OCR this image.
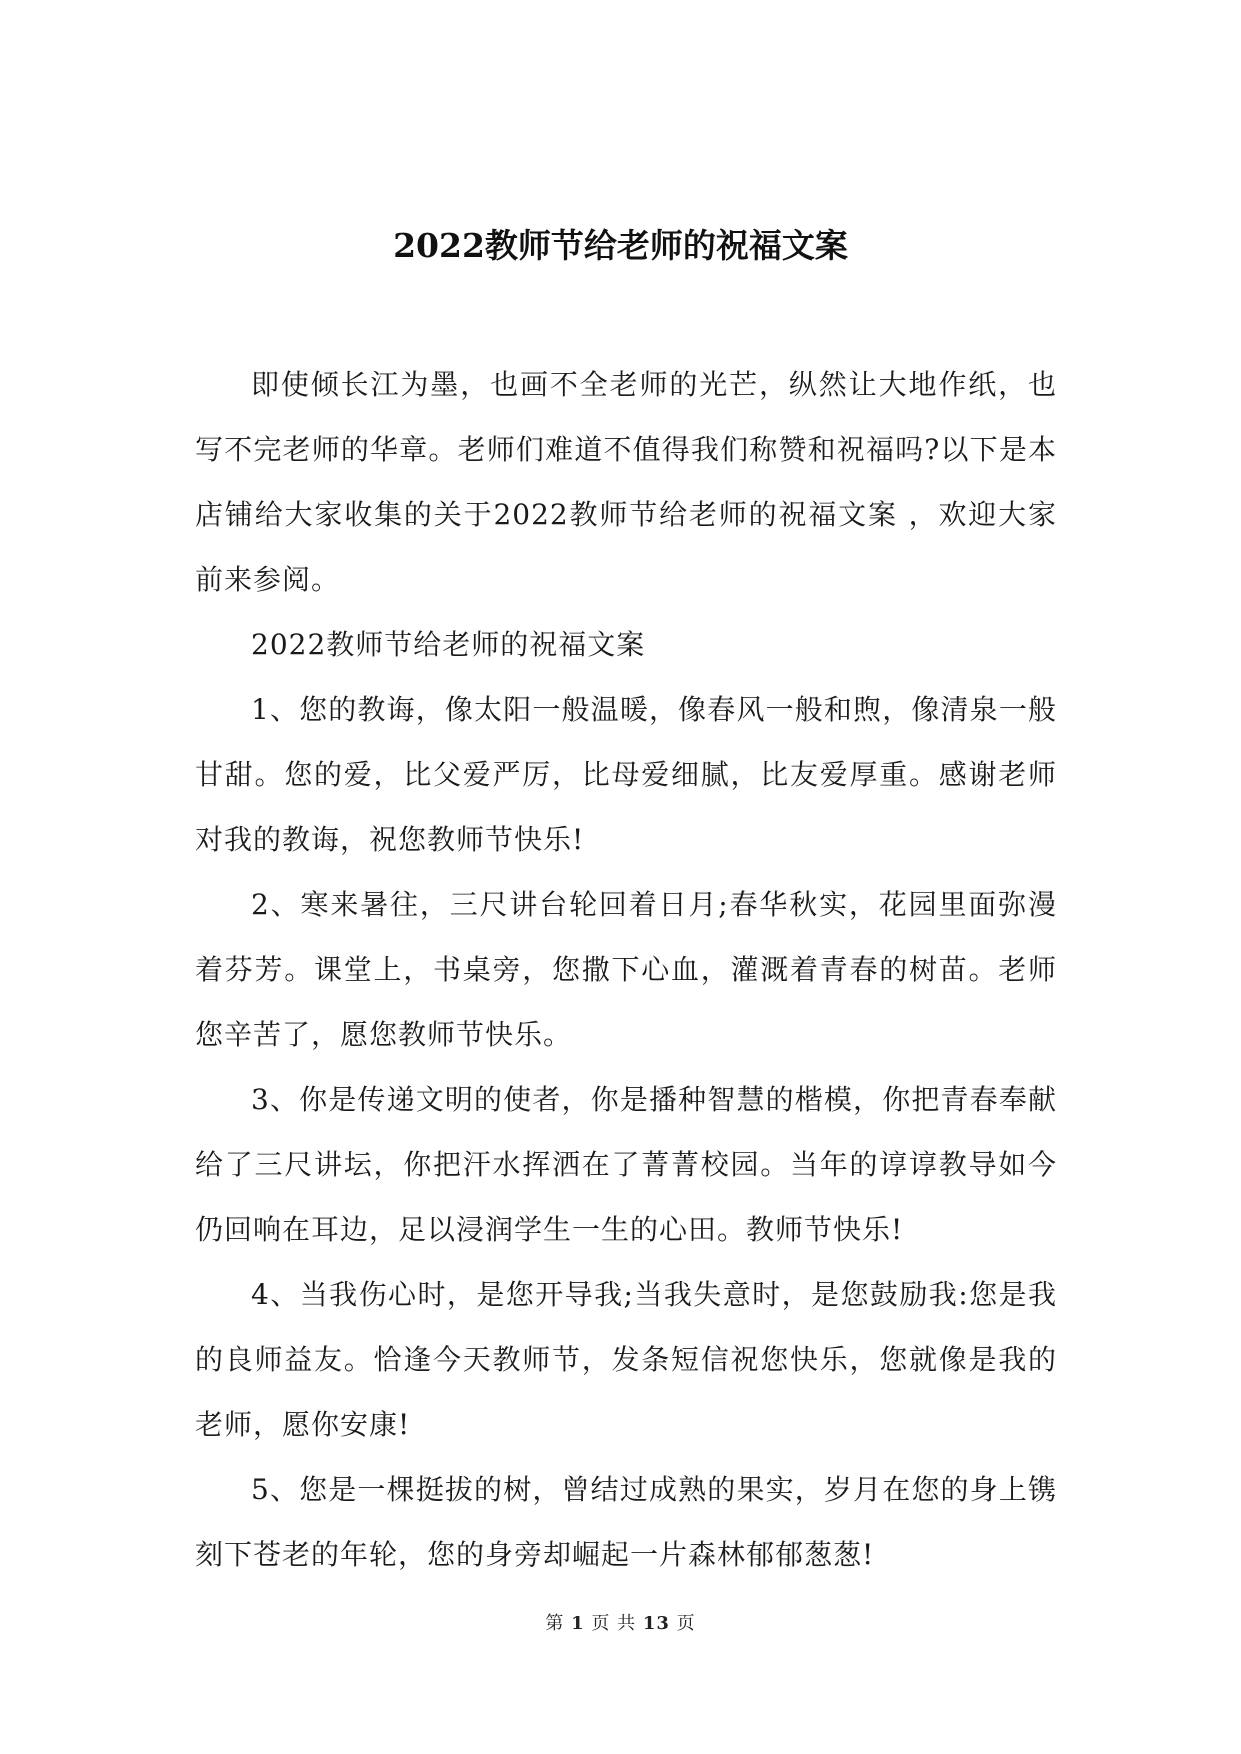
2022教师节给老师的祝福文案

即使倾长江为墨，也画不全老师的光芒，纵然让大地作纸，也写不完老师的华章。老师们难道不值得我们称赞和祝福吗?以下是本店铺给大家收集的关于2022教师节给老师的祝福文案 ，欢迎大家前来参阅。

2022教师节给老师的祝福文案

1、您的教诲，像太阳一般温暖，像春风一般和煦，像清泉一般甘甜。您的爱，比父爱严厉，比母爱细腻，比友爱厚重。感谢老师对我的教诲，祝您教师节快乐!

2、寒来暑往，三尺讲台轮回着日月;春华秋实，花园里面弥漫着芬芳。课堂上，书桌旁，您撒下心血，灌溉着青春的树苗。老师您辛苦了，愿您教师节快乐。

3、你是传递文明的使者，你是播种智慧的楷模，你把青春奉献给了三尺讲坛，你把汗水挥洒在了菁菁校园。当年的谆谆教导如今仍回响在耳边，足以浸润学生一生的心田。教师节快乐!

4、当我伤心时，是您开导我;当我失意时，是您鼓励我:您是我的良师益友。恰逢今天教师节，发条短信祝您快乐，您就像是我的老师，愿你安康!

5、您是一棵挺拔的树，曾结过成熟的果实，岁月在您的身上镌刻下苍老的年轮，您的身旁却崛起一片森林郁郁葱葱!

第 1 页 共 13 页
